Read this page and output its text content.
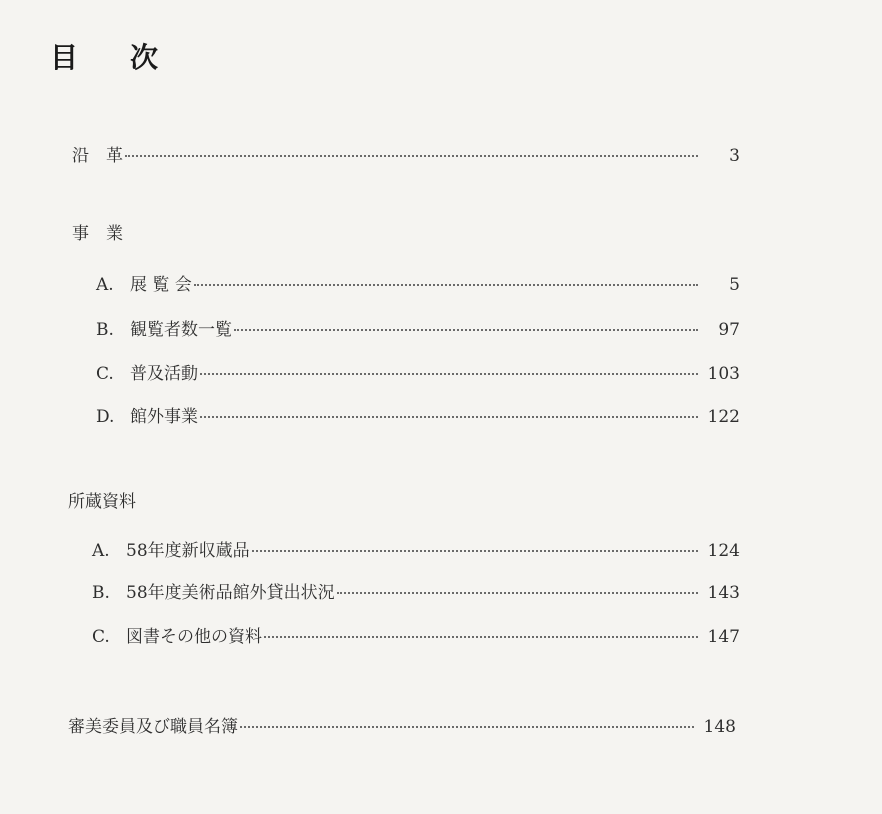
目 次
沿　革	3
事　業
A. 展 覧 会	5
B. 観覧者数一覧	97
C. 普及活動	103
D. 館外事業	122
所蔵資料
A. 58年度新収蔵品	124
B. 58年度美術品館外貸出状況	143
C. 図書その他の資料	147
審美委員及び職員名簿	148
